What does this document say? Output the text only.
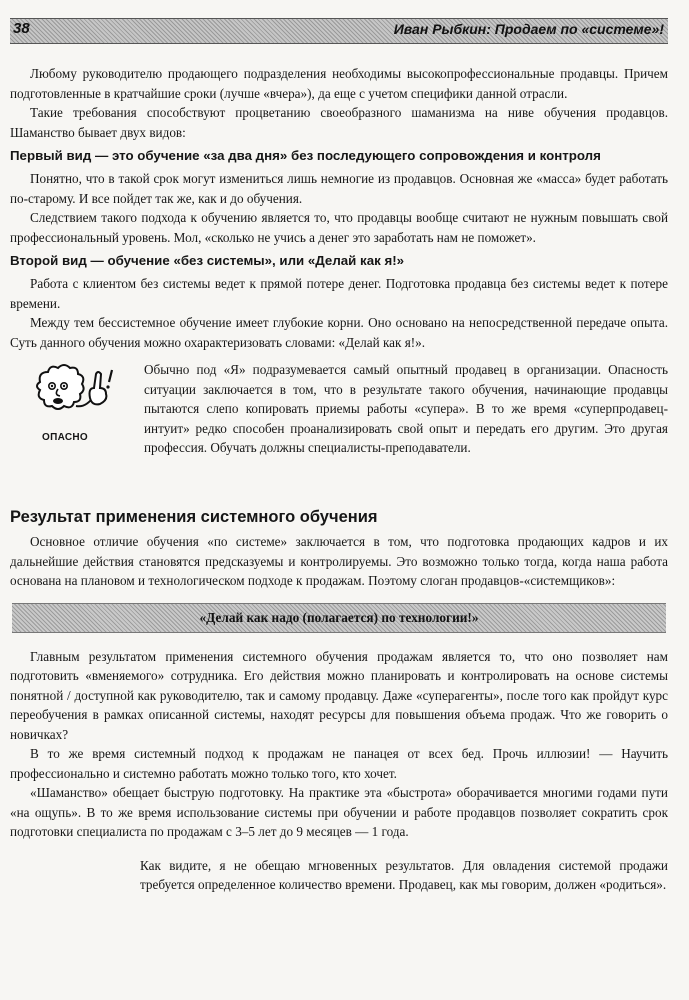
38	Иван Рыбкин: Продаем по «системе»!

Любому руководителю продающего подразделения необходимы высокопрофессиональные продавцы. Причем подготовленные в кратчайшие сроки (лучше «вчера»), да еще с учетом специфики данной отрасли.

Такие требования способствуют процветанию своеобразного шаманизма на ниве обучения продавцов. Шаманство бывает двух видов:

Первый вид — это обучение «за два дня» без последующего сопровождения и контроля

Понятно, что в такой срок могут измениться лишь немногие из продавцов. Основная же «масса» будет работать по-старому. И все пойдет так же, как и до обучения.

Следствием такого подхода к обучению является то, что продавцы вообще считают не нужным повышать свой профессиональный уровень. Мол, «сколько не учись а денег это заработать нам не поможет».

Второй вид — обучение «без системы», или «Делай как я!»

Работа с клиентом без системы ведет к прямой потере денег. Подготовка продавца без системы ведет к потере времени.

Между тем бессистемное обучение имеет глубокие корни. Оно основано на непосредственной передаче опыта. Суть данного обучения можно охарактеризовать словами: «Делай как я!».

ОПАСНО

Обычно под «Я» подразумевается самый опытный продавец в организации. Опасность ситуации заключается в том, что в результате такого обучения, начинающие продавцы пытаются слепо копировать приемы работы «супера». В то же время «суперпродавец-интуит» редко способен проанализировать свой опыт и передать его другим. Это другая профессия. Обучать должны специалисты-преподаватели.

Результат применения системного обучения

Основное отличие обучения «по системе» заключается в том, что подготовка продающих кадров и их дальнейшие действия становятся предсказуемы и контролируемы. Это возможно только тогда, когда наша работа основана на плановом и технологическом подходе к продажам. Поэтому слоган продавцов-«системщиков»:

«Делай как надо (полагается) по технологии!»

Главным результатом применения системного обучения продажам является то, что оно позволяет нам подготовить «вменяемого» сотрудника. Его действия можно планировать и контролировать на основе системы понятной / доступной как руководителю, так и самому продавцу. Даже «суперагенты», после того как пройдут курс переобучения в рамках описанной системы, находят ресурсы для повышения объема продаж. Что же говорить о новичках?

В то же время системный подход к продажам не панацея от всех бед. Прочь иллюзии! — Научить профессионально и системно работать можно только того, кто хочет.

«Шаманство» обещает быструю подготовку. На практике эта «быстрота» оборачивается многими годами пути «на ощупь». В то же время использование системы при обучении и работе продавцов позволяет сократить срок подготовки специалиста по продажам с 3–5 лет до 9 месяцев — 1 года.

Как видите, я не обещаю мгновенных результатов. Для овладения системой продажи требуется определенное количество времени. Продавец, как мы говорим, должен «родиться».
